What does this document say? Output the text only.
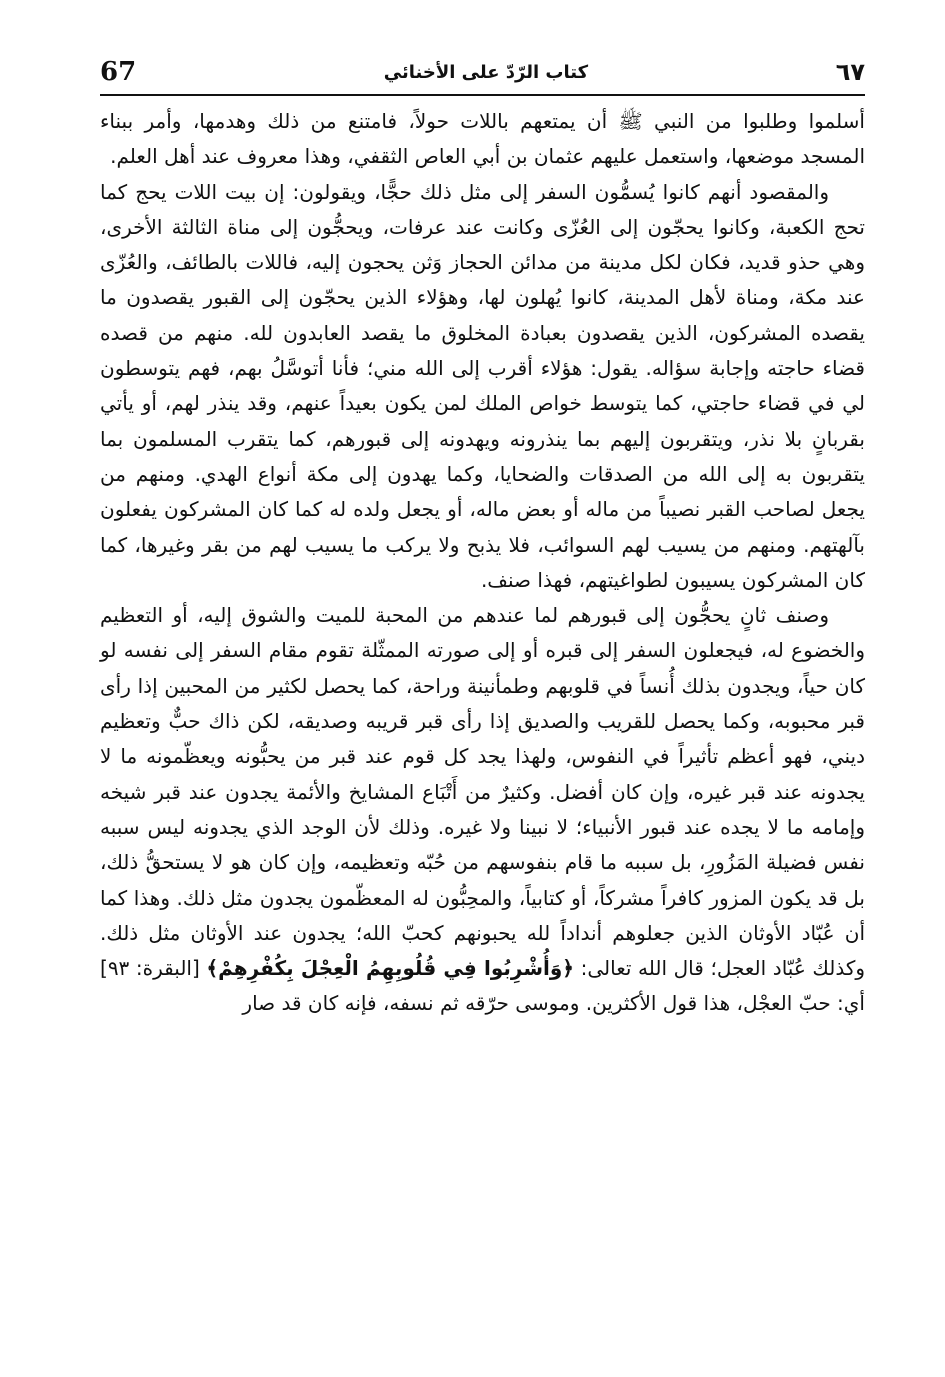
67	كتاب الرّدّ على الأخنائي	٦٧

أسلموا وطلبوا من النبي ﷺ أن يمتعهم باللات حولاً، فامتنع من ذلك وهدمها، وأمر ببناء المسجد موضعها، واستعمل عليهم عثمان بن أبي العاص الثقفي، وهذا معروف عند أهل العلم.

والمقصود أنهم كانوا يُسمُّون السفر إلى مثل ذلك حجًّا، ويقولون: إن بيت اللات يحج كما تحج الكعبة، وكانوا يحجّون إلى العُزّى وكانت عند عرفات، ويحجُّون إلى مناة الثالثة الأخرى، وهي حذو قديد، فكان لكل مدينة من مدائن الحجاز وَثن يحجون إليه، فاللات بالطائف، والعُزّى عند مكة، ومناة لأهل المدينة، كانوا يُهلون لها، وهؤلاء الذين يحجّون إلى القبور يقصدون ما يقصده المشركون، الذين يقصدون بعبادة المخلوق ما يقصد العابدون لله. منهم من قصده قضاء حاجته وإجابة سؤاله. يقول: هؤلاء أقرب إلى الله مني؛ فأنا أتوسَّلُ بهم، فهم يتوسطون لي في قضاء حاجتي، كما يتوسط خواص الملك لمن يكون بعيداً عنهم، وقد ينذر لهم، أو يأتي بقربانٍ بلا نذر، ويتقربون إليهم بما ينذرونه ويهدونه إلى قبورهم، كما يتقرب المسلمون بما يتقربون به إلى الله من الصدقات والضحايا، وكما يهدون إلى مكة أنواع الهدي. ومنهم من يجعل لصاحب القبر نصيباً من ماله أو بعض ماله، أو يجعل ولده له كما كان المشركون يفعلون بآلهتهم. ومنهم من يسيب لهم السوائب، فلا يذبح ولا يركب ما يسيب لهم من بقر وغيرها، كما كان المشركون يسيبون لطواغيتهم، فهذا صنف.

وصنف ثانٍ يحجُّون إلى قبورهم لما عندهم من المحبة للميت والشوق إليه، أو التعظيم والخضوع له، فيجعلون السفر إلى قبره أو إلى صورته الممثّلة تقوم مقام السفر إلى نفسه لو كان حياً، ويجدون بذلك أُنساً في قلوبهم وطمأنينة وراحة، كما يحصل لكثير من المحبين إذا رأى قبر محبوبه، وكما يحصل للقريب والصديق إذا رأى قبر قريبه وصديقه، لكن ذاك حبٌّ وتعظيم ديني، فهو أعظم تأثيراً في النفوس، ولهذا يجد كل قوم عند قبر من يحبُّونه ويعظّمونه ما لا يجدونه عند قبر غيره، وإن كان أفضل. وكثيرٌ من أَتْبَاع المشايخ والأئمة يجدون عند قبر شيخه وإمامه ما لا يجده عند قبور الأنبياء؛ لا نبينا ولا غيره. وذلك لأن الوجد الذي يجدونه ليس سببه نفس فضيلة المَزُورِ، بل سببه ما قام بنفوسهم من حُبّه وتعظيمه، وإن كان هو لا يستحقُّ ذلك، بل قد يكون المزور كافراً مشركاً، أو كتابياً، والمحِبُّون له المعظّمون يجدون مثل ذلك. وهذا كما أن عُبّاد الأوثان الذين جعلوهم أنداداً لله يحبونهم كحبّ الله؛ يجدون عند الأوثان مثل ذلك. وكذلك عُبّاد العجل؛ قال الله تعالى: ﴿وَأُشْرِبُوا فِي قُلُوبِهِمُ الْعِجْلَ بِكُفْرِهِمْ﴾ [البقرة: ٩٣] أي: حبّ العجْل، هذا قول الأكثرين. وموسى حرّقه ثم نسفه، فإنه كان قد صار
